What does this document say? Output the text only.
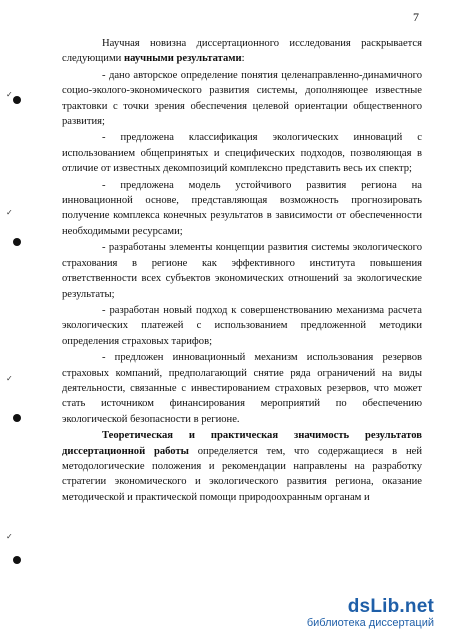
7

Научная новизна диссертационного исследования раскрывается следующими научными результатами:

- дано авторское определение понятия целенаправленно-динамичного социо-эколого-экономического развития системы, дополняющее известные трактовки с точки зрения обеспечения целевой ориентации общественного развития;

- предложена классификация экологических инноваций с использованием общепринятых и специфических подходов, позволяющая в отличие от известных декомпозиций комплексно представить весь их спектр;

- предложена модель устойчивого развития региона на инновационной основе, представляющая возможность прогнозировать получение комплекса конечных результатов в зависимости от обеспеченности необходимыми ресурсами;

- разработаны элементы концепции развития системы экологического страхования в регионе как эффективного института повышения ответственности всех субъектов экономических отношений за экологические результаты;

- разработан новый подход к совершенствованию механизма расчета экологических платежей с использованием предложенной методики определения страховых тарифов;

- предложен инновационный механизм использования резервов страховых компаний, предполагающий снятие ряда ограничений на виды деятельности, связанные с инвестированием страховых резервов, что может стать источником финансирования мероприятий по обеспечению экологической безопасности в регионе.

Теоретическая и практическая значимость результатов диссертационной работы определяется тем, что содержащиеся в ней методологические положения и рекомендации направлены на разработку стратегии экономического и экологического развития региона, оказание методической и практической помощи природоохранным органам и

✓
✓
✓
✓
dsLib.net
библиотека диссертаций
